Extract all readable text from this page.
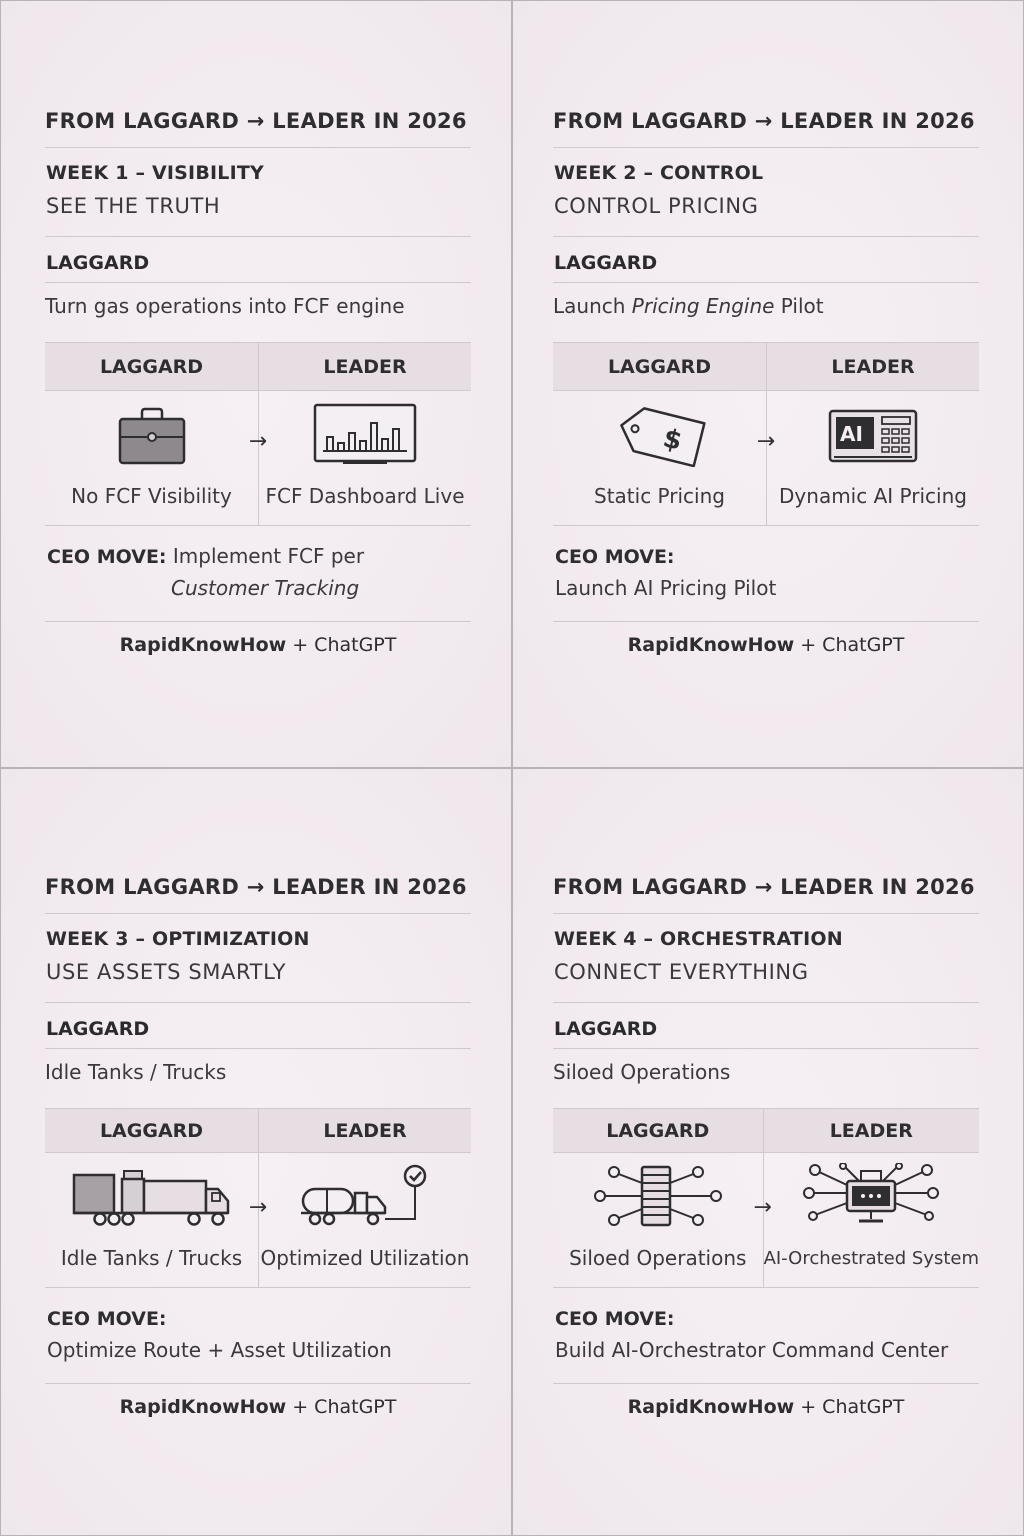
FROM LAGGARD → LEADER IN 2026
WEEK 1 – VISIBILITY
SEE THE TRUTH
LAGGARD
Turn gas operations into FCF engine
LAGGARD
No FCF Visibility
→
LEADER
FCF Dashboard Live
CEO MOVE: Implement FCF per
Customer Tracking
RapidKnowHow + ChatGPT
FROM LAGGARD → LEADER IN 2026
WEEK 2 – CONTROL
CONTROL PRICING
LAGGARD
Launch Pricing Engine Pilot
LAGGARD
$
Static Pricing
→
LEADER
AI
Dynamic AI Pricing
CEO MOVE:
Launch AI Pricing Pilot
RapidKnowHow + ChatGPT
FROM LAGGARD → LEADER IN 2026
WEEK 3 – OPTIMIZATION
USE ASSETS SMARTLY
LAGGARD
Idle Tanks / Trucks
LAGGARD
Idle Tanks / Trucks
→
LEADER
Optimized Utilization
CEO MOVE:
Optimize Route + Asset Utilization
RapidKnowHow + ChatGPT
FROM LAGGARD → LEADER IN 2026
WEEK 4 – ORCHESTRATION
CONNECT EVERYTHING
LAGGARD
Siloed Operations
LAGGARD
Siloed Operations
→
LEADER
AI-Orchestrated System
CEO MOVE:
Build AI-Orchestrator Command Center
RapidKnowHow + ChatGPT
